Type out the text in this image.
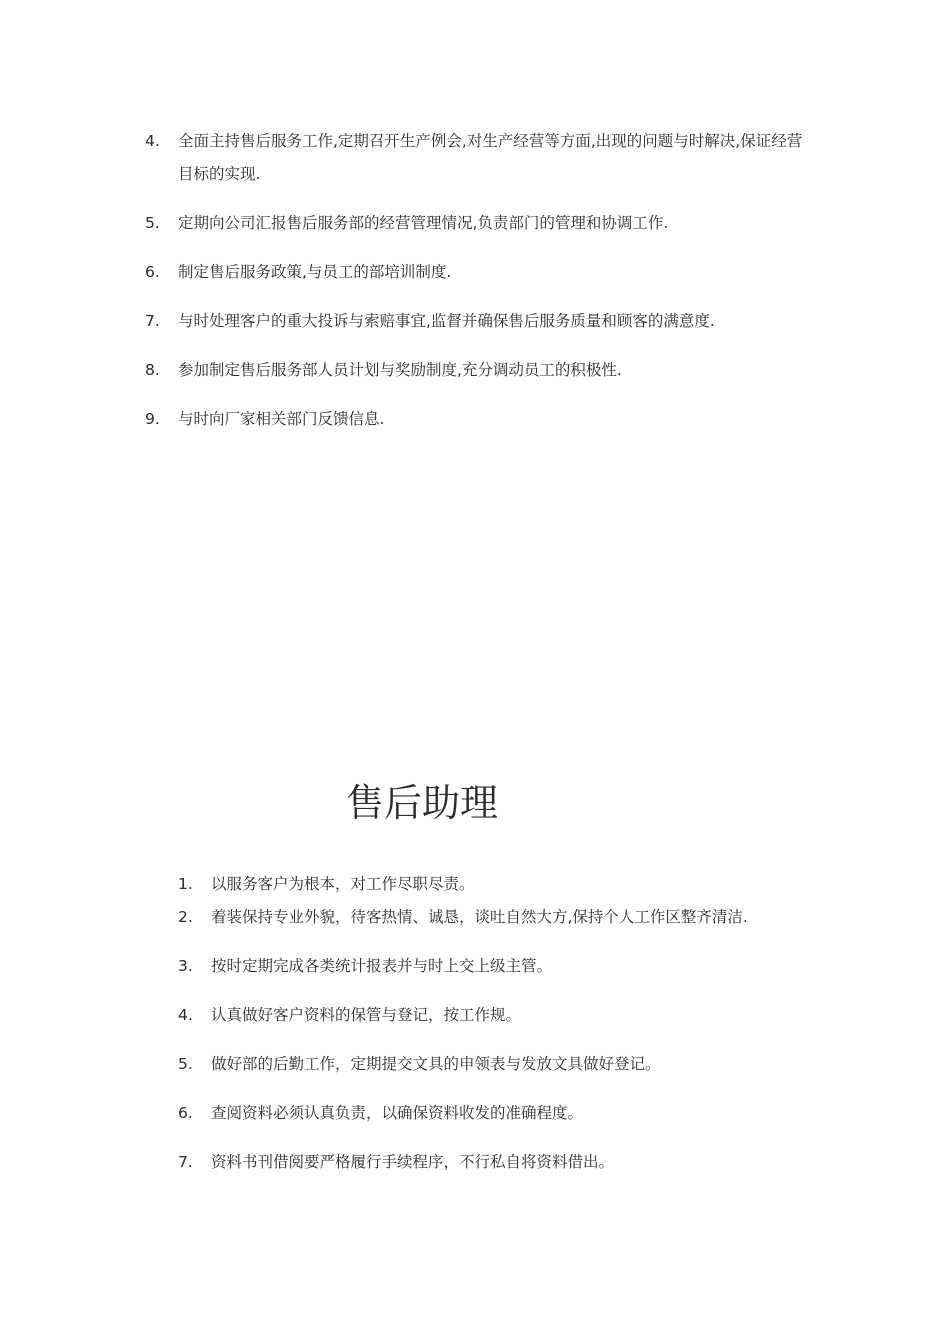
4.	全面主持售后服务工作,定期召开生产例会,对生产经营等方面,出现的问题与时解决,保证经营目标的实现.
5.	定期向公司汇报售后服务部的经营管理情况,负责部门的管理和协调工作.
6.	制定售后服务政策,与员工的部培训制度.
7.	与时处理客户的重大投诉与索赔事宜,监督并确保售后服务质量和顾客的满意度.
8.	参加制定售后服务部人员计划与奖励制度,充分调动员工的积极性.
9.	与时向厂家相关部门反馈信息.
售后助理
1.	以服务客户为根本，对工作尽职尽责。
2.	着装保持专业外貌，待客热情、诚恳，谈吐自然大方,保持个人工作区整齐清洁.
3.	按时定期完成各类统计报表并与时上交上级主管。
4.	认真做好客户资料的保管与登记，按工作规。
5.	做好部的后勤工作，定期提交文具的申领表与发放文具做好登记。
6.	查阅资料必须认真负责，以确保资料收发的准确程度。
7.	资料书刊借阅要严格履行手续程序，不行私自将资料借出。
